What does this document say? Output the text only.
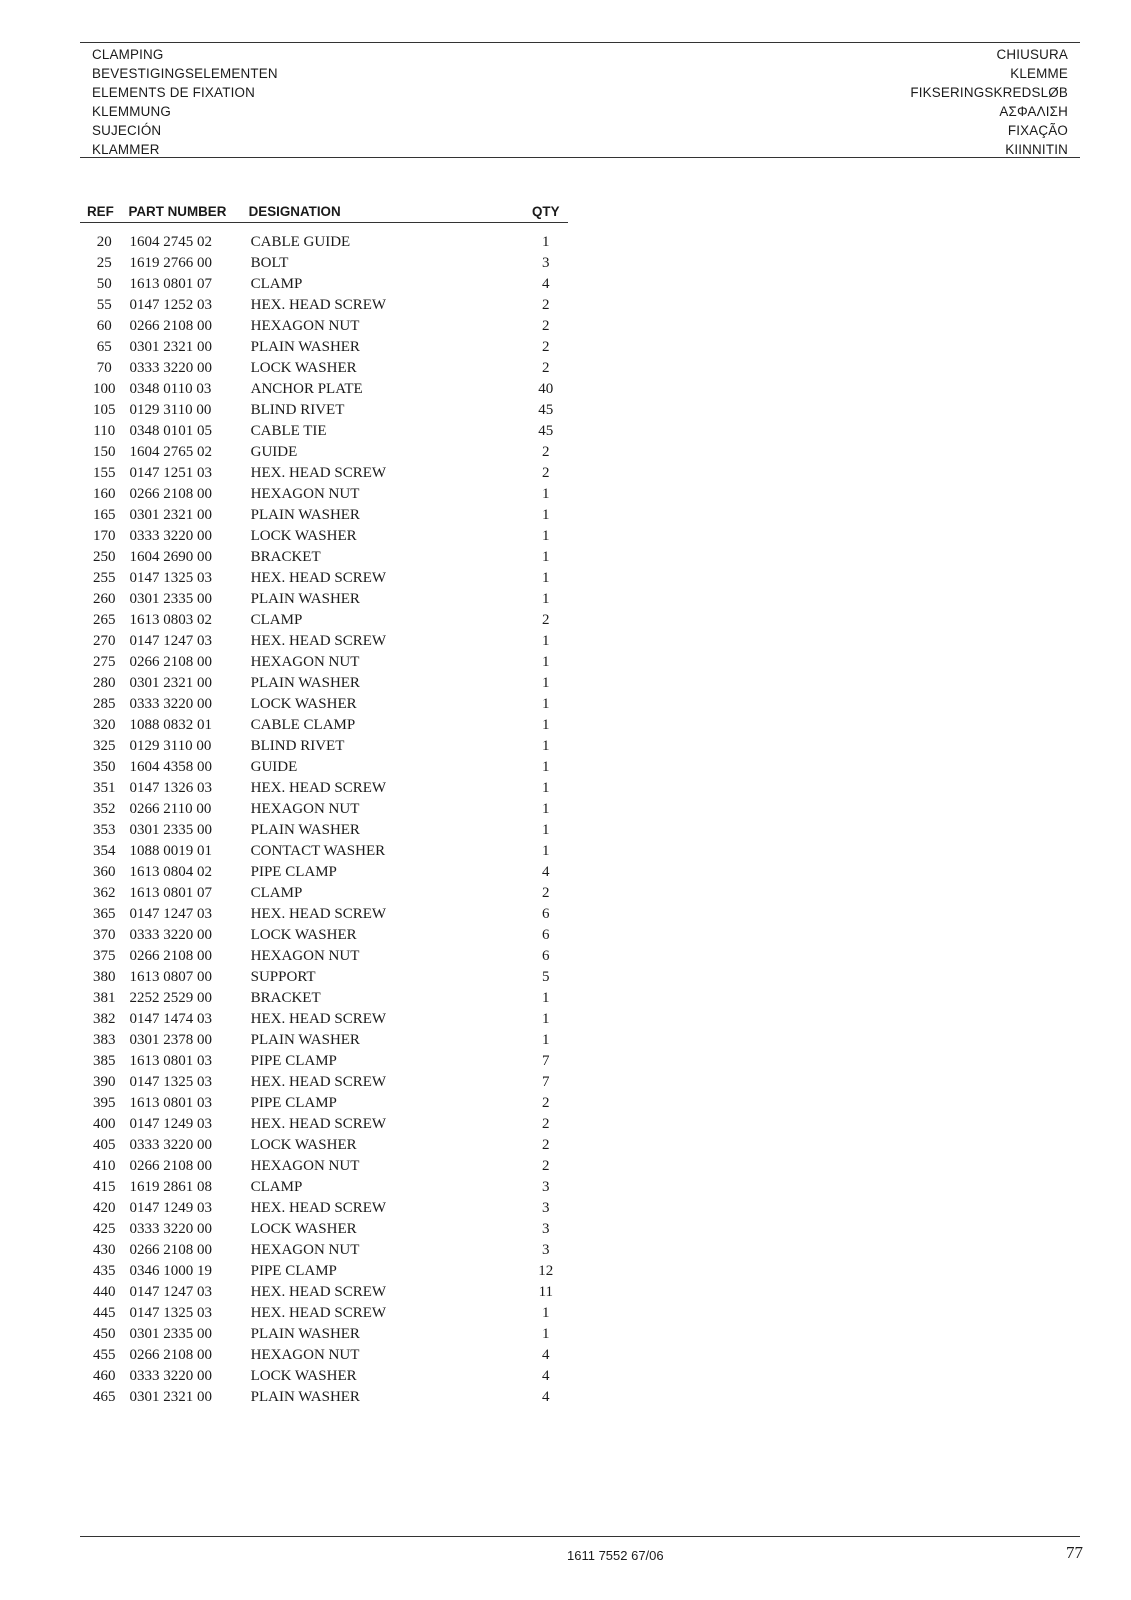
CLAMPING
BEVESTIGINGSELEMENTEN
ELEMENTS DE FIXATION
KLEMMUNG
SUJECIÓN
KLAMMER
CHIUSURA
KLEMME
FIKSERINGSKREDSLØB
ΑΣΦΑΛΙΣΗ
FIXAÇÃO
KIINNITIN
REF	PART NUMBER	DESIGNATION	QTY

20	1604 2745 02	CABLE GUIDE	1
25	1619 2766 00	BOLT	3
50	1613 0801 07	CLAMP	4
55	0147 1252 03	HEX. HEAD SCREW	2
60	0266 2108 00	HEXAGON NUT	2
65	0301 2321 00	PLAIN WASHER	2
70	0333 3220 00	LOCK WASHER	2
100	0348 0110 03	ANCHOR PLATE	40
105	0129 3110 00	BLIND RIVET	45
110	0348 0101 05	CABLE TIE	45
150	1604 2765 02	GUIDE	2
155	0147 1251 03	HEX. HEAD SCREW	2
160	0266 2108 00	HEXAGON NUT	1
165	0301 2321 00	PLAIN WASHER	1
170	0333 3220 00	LOCK WASHER	1
250	1604 2690 00	BRACKET	1
255	0147 1325 03	HEX. HEAD SCREW	1
260	0301 2335 00	PLAIN WASHER	1
265	1613 0803 02	CLAMP	2
270	0147 1247 03	HEX. HEAD SCREW	1
275	0266 2108 00	HEXAGON NUT	1
280	0301 2321 00	PLAIN WASHER	1
285	0333 3220 00	LOCK WASHER	1
320	1088 0832 01	CABLE CLAMP	1
325	0129 3110 00	BLIND RIVET	1
350	1604 4358 00	GUIDE	1
351	0147 1326 03	HEX. HEAD SCREW	1
352	0266 2110 00	HEXAGON NUT	1
353	0301 2335 00	PLAIN WASHER	1
354	1088 0019 01	CONTACT WASHER	1
360	1613 0804 02	PIPE CLAMP	4
362	1613 0801 07	CLAMP	2
365	0147 1247 03	HEX. HEAD SCREW	6
370	0333 3220 00	LOCK WASHER	6
375	0266 2108 00	HEXAGON NUT	6
380	1613 0807 00	SUPPORT	5
381	2252 2529 00	BRACKET	1
382	0147 1474 03	HEX. HEAD SCREW	1
383	0301 2378 00	PLAIN WASHER	1
385	1613 0801 03	PIPE CLAMP	7
390	0147 1325 03	HEX. HEAD SCREW	7
395	1613 0801 03	PIPE CLAMP	2
400	0147 1249 03	HEX. HEAD SCREW	2
405	0333 3220 00	LOCK WASHER	2
410	0266 2108 00	HEXAGON NUT	2
415	1619 2861 08	CLAMP	3
420	0147 1249 03	HEX. HEAD SCREW	3
425	0333 3220 00	LOCK WASHER	3
430	0266 2108 00	HEXAGON NUT	3
435	0346 1000 19	PIPE CLAMP	12
440	0147 1247 03	HEX. HEAD SCREW	11
445	0147 1325 03	HEX. HEAD SCREW	1
450	0301 2335 00	PLAIN WASHER	1
455	0266 2108 00	HEXAGON NUT	4
460	0333 3220 00	LOCK WASHER	4
465	0301 2321 00	PLAIN WASHER	4
1611 7552 67/06	77
